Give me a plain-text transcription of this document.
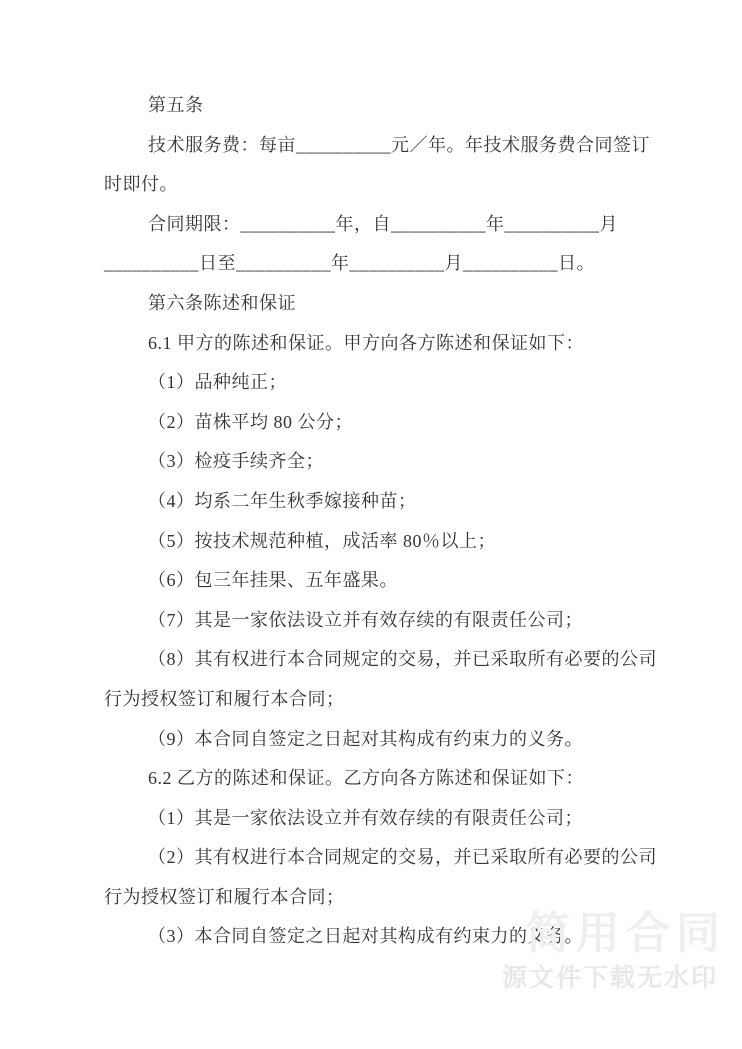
第五条
技术服务费：每亩__________元／年。年技术服务费合同签订
时即付。
合同期限：__________年，自__________年__________月
__________日至__________年__________月__________日。
第六条陈述和保证
6.1 甲方的陈述和保证。甲方向各方陈述和保证如下：
（1）品种纯正；
（2）苗株平均 80 公分；
（3）检疫手续齐全；
（4）均系二年生秋季嫁接种苗；
（5）按技术规范种植，成活率 80％以上；
（6）包三年挂果、五年盛果。
（7）其是一家依法设立并有效存续的有限责任公司；
（8）其有权进行本合同规定的交易，并已采取所有必要的公司
行为授权签订和履行本合同；
（9）本合同自签定之日起对其构成有约束力的义务。
6.2 乙方的陈述和保证。乙方向各方陈述和保证如下：
（1）其是一家依法设立并有效存续的有限责任公司；
（2）其有权进行本合同规定的交易，并已采取所有必要的公司
行为授权签订和履行本合同；
（3）本合同自签定之日起对其构成有约束力的义务。
简用合同
源文件下载无水印
